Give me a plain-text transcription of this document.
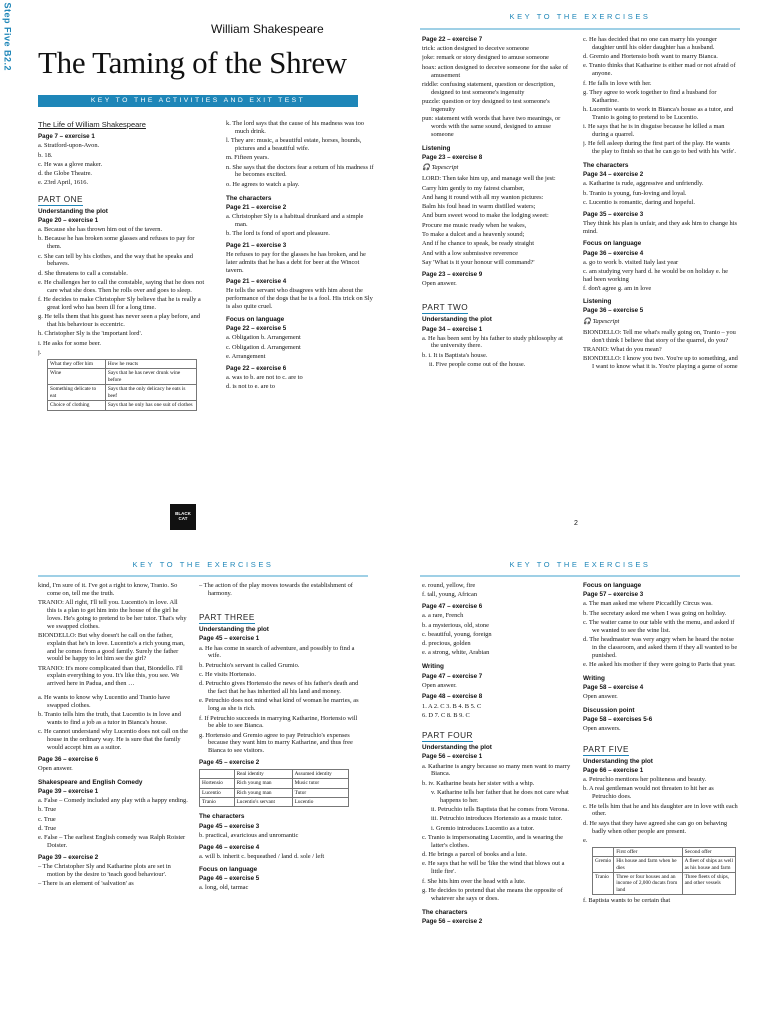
Step Five B2.2	William Shakespeare
The Taming of the Shrew
KEY TO THE ACTIVITIES AND EXIT TEST
The Life of William Shakespeare

Page 7 – exercise 1

a. Stratford-upon-Avon.

b. 18.

c. He was a glove maker.

d. the Globe Theatre.

e. 23rd April, 1616.

PART ONE

Understanding the plot

Page 20 – exercise 1

a. Because she has thrown him out of the tavern.

b. Because he has broken some glasses and refuses to pay for them.

c. She can tell by his clothes, and the way that he speaks and behaves.

d. She threatens to call a constable.

e. He challenges her to call the constable, saying that he does not care what she does. Then he rolls over and goes to sleep.

f. He decides to make Christopher Sly believe that he is really a great lord who has been ill for a long time.

g. He tells them that his guest has never seen a play before, and that his behaviour is eccentric.

h. Christopher Sly is the 'important lord'.

i. He asks for some beer.

j.

What they offer him	How he reacts
Wine	Says that he has never drunk wine before
Something delicate to eat	Says that the only delicacy he eats is beef
Choice of clothing	Says that he only has one suit of clothes

k. The lord says that the cause of his madness was too much drink.

l. They are: music, a beautiful estate, horses, hounds, pictures and a beautiful wife.

m. Fifteen years.

n. She says that the doctors fear a return of his madness if he becomes excited.

o. He agrees to watch a play.

The characters

Page 21 – exercise 2

a. Christopher Sly is a habitual drunkard and a simple man.

b. The lord is fond of sport and pleasure.

Page 21 – exercise 3

He refuses to pay for the glasses he has broken, and he later admits that he has a debt for beer at the Wincot tavern.

Page 21 – exercise 4

He tells the servant who disagrees with him about the performance of the dogs that he is a fool. His trick on Sly is also quite cruel.

Focus on language

Page 22 – exercise 5

a. Obligation b. Arrangement

c. Obligation d. Arrangement

e. Arrangement

Page 22 – exercise 6

a. was to b. are not to c. are to

d. is not to e. are to

BLACK CAT
KEY TO THE EXERCISES

Page 22 – exercise 7

trick: action designed to deceive someone

joke: remark or story designed to amuse someone

hoax: action designed to deceive someone for the sake of amusement

riddle: confusing statement, question or description, designed to test someone's ingenuity

puzzle: question or toy designed to test someone's ingenuity

pun: statement with words that have two meanings, or words with the same sound, designed to amuse someone

Listening

Page 23 – exercise 8

🎧 Tapescript

LORD: Then take him up, and manage well the jest:

Carry him gently to my fairest chamber,

And hang it round with all my wanton pictures:

Balm his foul head in warm distilled waters;

And burn sweet wood to make the lodging sweet:

Procure me music ready when he wakes,

To make a dulcet and a heavenly sound;

And if he chance to speak, be ready straight

And with a low submissive reverence

Say 'What is it your honour will command?'

Page 23 – exercise 9

Open answer.

PART TWO

Understanding the plot

Page 34 – exercise 1

a. He has been sent by his father to study philosophy at the university there.

b. i. It is Baptista's house.

ii. Five people come out of the house.

c. He has decided that no one can marry his younger daughter until his older daughter has a husband.

d. Gremio and Hortensio both want to marry Bianca.

e. Tranio thinks that Katharine is either mad or not afraid of anyone.

f. He falls in love with her.

g. They agree to work together to find a husband for Katharine.

h. Lucentio wants to work in Bianca's house as a tutor, and Tranio is going to pretend to be Lucentio.

i. He says that he is in disguise because he killed a man during a quarrel.

j. He fell asleep during the first part of the play. He wants the play to finish so that he can go to bed with his 'wife'.

The characters

Page 34 – exercise 2

a. Katharine is rude, aggressive and unfriendly.

b. Tranio is young, fun-loving and loyal.

c. Lucentio is romantic, daring and hopeful.

Page 35 – exercise 3

They think his plan is unfair, and they ask him to change his mind.

Focus on language

Page 36 – exercise 4

a. go to work b. visited Italy last year

c. am studying very hard d. he would be on holiday e. he had been working

f. don't agree g. am in love

Listening

Page 36 – exercise 5

🎧 Tapescript

BIONDELLO: Tell me what's really going on, Tranio – you don't think I believe that story of the quarrel, do you?

TRANIO: What do you mean?

BIONDELLO: I know you two. You're up to something, and I want to know what it is. You're playing a game of some

2
KEY TO THE EXERCISES

kind, I'm sure of it. I've got a right to know, Tranio. So come on, tell me the truth.

TRANIO: All right, I'll tell you. Lucentio's in love. All this is a plan to get him into the house of the girl he loves. He's going to pretend to be her tutor. That's why we swapped clothes.

BIONDELLO: But why doesn't he call on the father, explain that he's in love. Lucentio's a rich young man, and he comes from a good family. Surely the father would be happy to let him see the girl?

TRANIO: It's more complicated than that, Biondello. I'll explain everything to you. It's like this, you see. We arrived here in Padua, and then …

a. He wants to know why Lucentio and Tranio have swapped clothes.

b. Tranio tells him the truth, that Lucentio is in love and wants to find a job as a tutor in Bianca's house.

c. He cannot understand why Lucentio does not call on the house in the ordinary way. He is sure that the family would accept him as a suitor.

Page 36 – exercise 6

Open answer.

Shakespeare and English Comedy

Page 39 – exercise 1

a. False – Comedy included any play with a happy ending.

b. True

c. True

d. True

e. False – The earliest English comedy was Ralph Roister Doister.

Page 39 – exercise 2

– The Christopher Sly and Katharine plots are set in motion by the desire to 'teach good behaviour'.

– There is an element of 'salvation' as

– The action of the play moves towards the establishment of harmony.

PART THREE

Understanding the plot

Page 45 – exercise 1

a. He has come in search of adventure, and possibly to find a wife.

b. Petruchio's servant is called Grumio.

c. He visits Hortensio.

d. Petruchio gives Hortensio the news of his father's death and the fact that he has inherited all his land and money.

e. Petruchio does not mind what kind of woman he marries, as long as she is rich.

f. If Petruchio succeeds in marrying Katharine, Hortensio will be able to see Bianca.

g. Hortensio and Gremio agree to pay Petruchio's expenses because they want him to marry Katharine, and thus free Bianca to see visitors.

Page 45 – exercise 2

	Real identity	Assumed identity
Hortensio	Rich young man	Music tutor
Lucentio	Rich young man	Tutor
Tranio	Lucentio's servant	Lucentio

The characters

Page 45 – exercise 3

b. practical, avaricious and unromantic

Page 46 – exercise 4

a. will b. inherit c. bequeathed / land d. sole / left

Focus on language

Page 46 – exercise 5

a. long, old, tarmac

KEY TO THE EXERCISES

e. round, yellow, fire

f. tall, young, African

Page 47 – exercise 6

a. a rare, French

b. a mysterious, old, stone

c. beautiful, young, foreign

d. precious, golden

e. a strong, white, Arabian

Writing

Page 47 – exercise 7

Open answer.

Page 48 – exercise 8

1. A 2. C 3. B 4. B 5. C

6. D 7. C 8. B 9. C

PART FOUR

Understanding the plot

Page 56 – exercise 1

a. Katharine is angry because so many men want to marry Bianca.

b. iv. Katharine beats her sister with a whip.

v. Katharine tells her father that he does not care what happens to her.

ii. Petruchio tells Baptista that he comes from Verona.

iii. Petruchio introduces Hortensio as a music tutor.

i. Gremio introduces Lucentio as a tutor.

c. Tranio is impersonating Lucentio, and is wearing the latter's clothes.

d. He brings a parcel of books and a lute.

e. He says that he will be 'like the wind that blows out a little fire'.

f. She hits him over the head with a lute.

g. He decides to pretend that she means the opposite of whatever she says or does.

The characters

Page 56 – exercise 2

Focus on language

Page 57 – exercise 3

a. The man asked me where Piccadilly Circus was.

b. The secretary asked me when I was going on holiday.

c. The waiter came to our table with the menu, and asked if we wanted to see the wine list.

d. The headmaster was very angry when he heard the noise in the classroom, and asked them if they all wanted to be punished.

e. He asked his mother if they were going to Paris that year.

Writing

Page 58 – exercise 4

Open answer.

Discussion point

Page 58 – exercises 5-6

Open answers.

PART FIVE

Understanding the plot

Page 66 – exercise 1

a. Petruchio mentions her politeness and beauty.

b. A real gentleman would not threaten to hit her as Petruchio does.

c. He tells him that he and his daughter are in love with each other.

d. He says that they have agreed she can go on behaving badly when other people are present.

e.

	First offer	Second offer
Gremio	His house and farm when he dies	A fleet of ships as well as his house and farm
Tranio	Three or four houses and an income of 2,000 ducats from land	Three fleets of ships, and other vessels

f. Baptista wants to be certain that
